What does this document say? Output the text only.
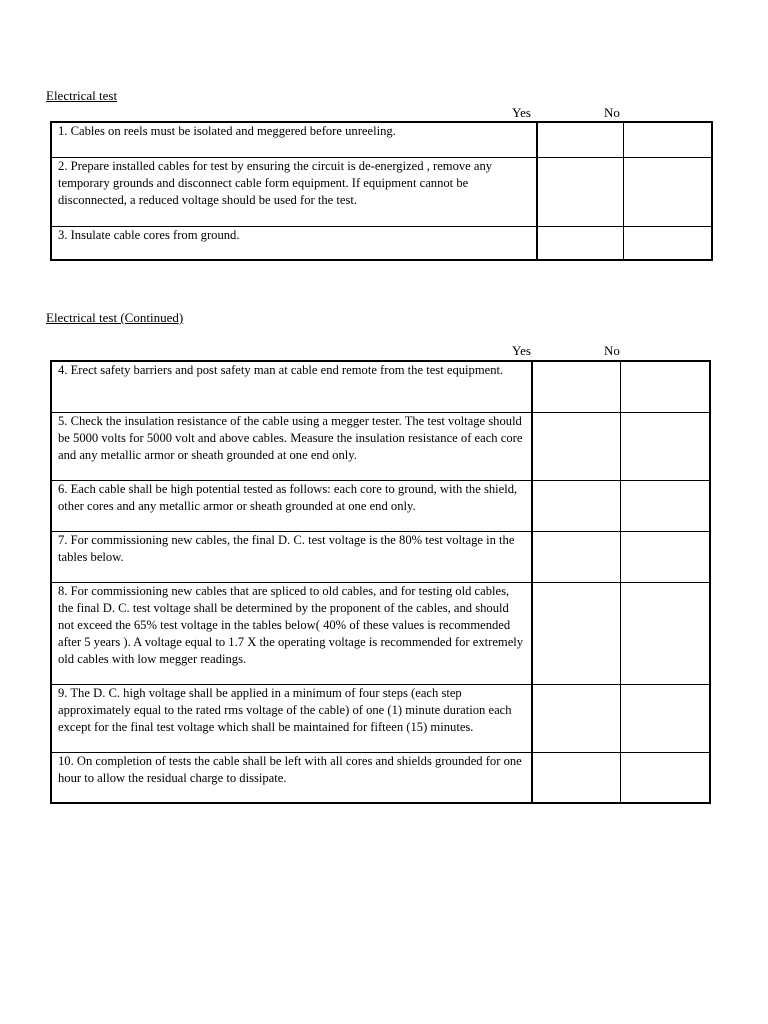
Electrical test
Yes	No
1. Cables on reels must be isolated and meggered before unreeling.		
2. Prepare installed cables for test by ensuring the circuit is de-energized , remove any temporary grounds and disconnect cable form equipment. If equipment cannot be disconnected, a reduced voltage should be used for the test.		
3. Insulate cable cores from ground.		
Electrical test (Continued)
Yes	No
4. Erect safety barriers and post safety man at cable end remote from the test equipment.		
5. Check the insulation resistance of the cable using a megger tester. The test voltage should be 5000 volts for 5000 volt and above cables. Measure the insulation resistance of each core and any metallic armor or sheath grounded at one end only.		
6. Each cable shall be high potential tested as follows: each core to ground, with the shield, other cores and any metallic armor or sheath grounded at one end only.		
7. For commissioning new cables, the final D. C. test voltage is the 80% test voltage in the tables below.		
8. For commissioning new cables that are spliced to old cables, and for testing old cables, the final D. C. test voltage shall be determined by the proponent of the cables, and should not exceed the 65% test voltage in the tables below( 40% of these values is recommended after 5 years ). A voltage equal to 1.7 X the operating voltage is recommended for extremely old cables with low megger readings.		
9. The D. C. high voltage shall be applied in a minimum of four steps (each step approximately equal to the rated rms voltage of the cable) of one (1) minute duration each except for the final test voltage which shall be maintained for fifteen (15) minutes.		
10. On completion of tests the cable shall be left with all cores and shields grounded for one hour to allow the residual charge to dissipate.		
